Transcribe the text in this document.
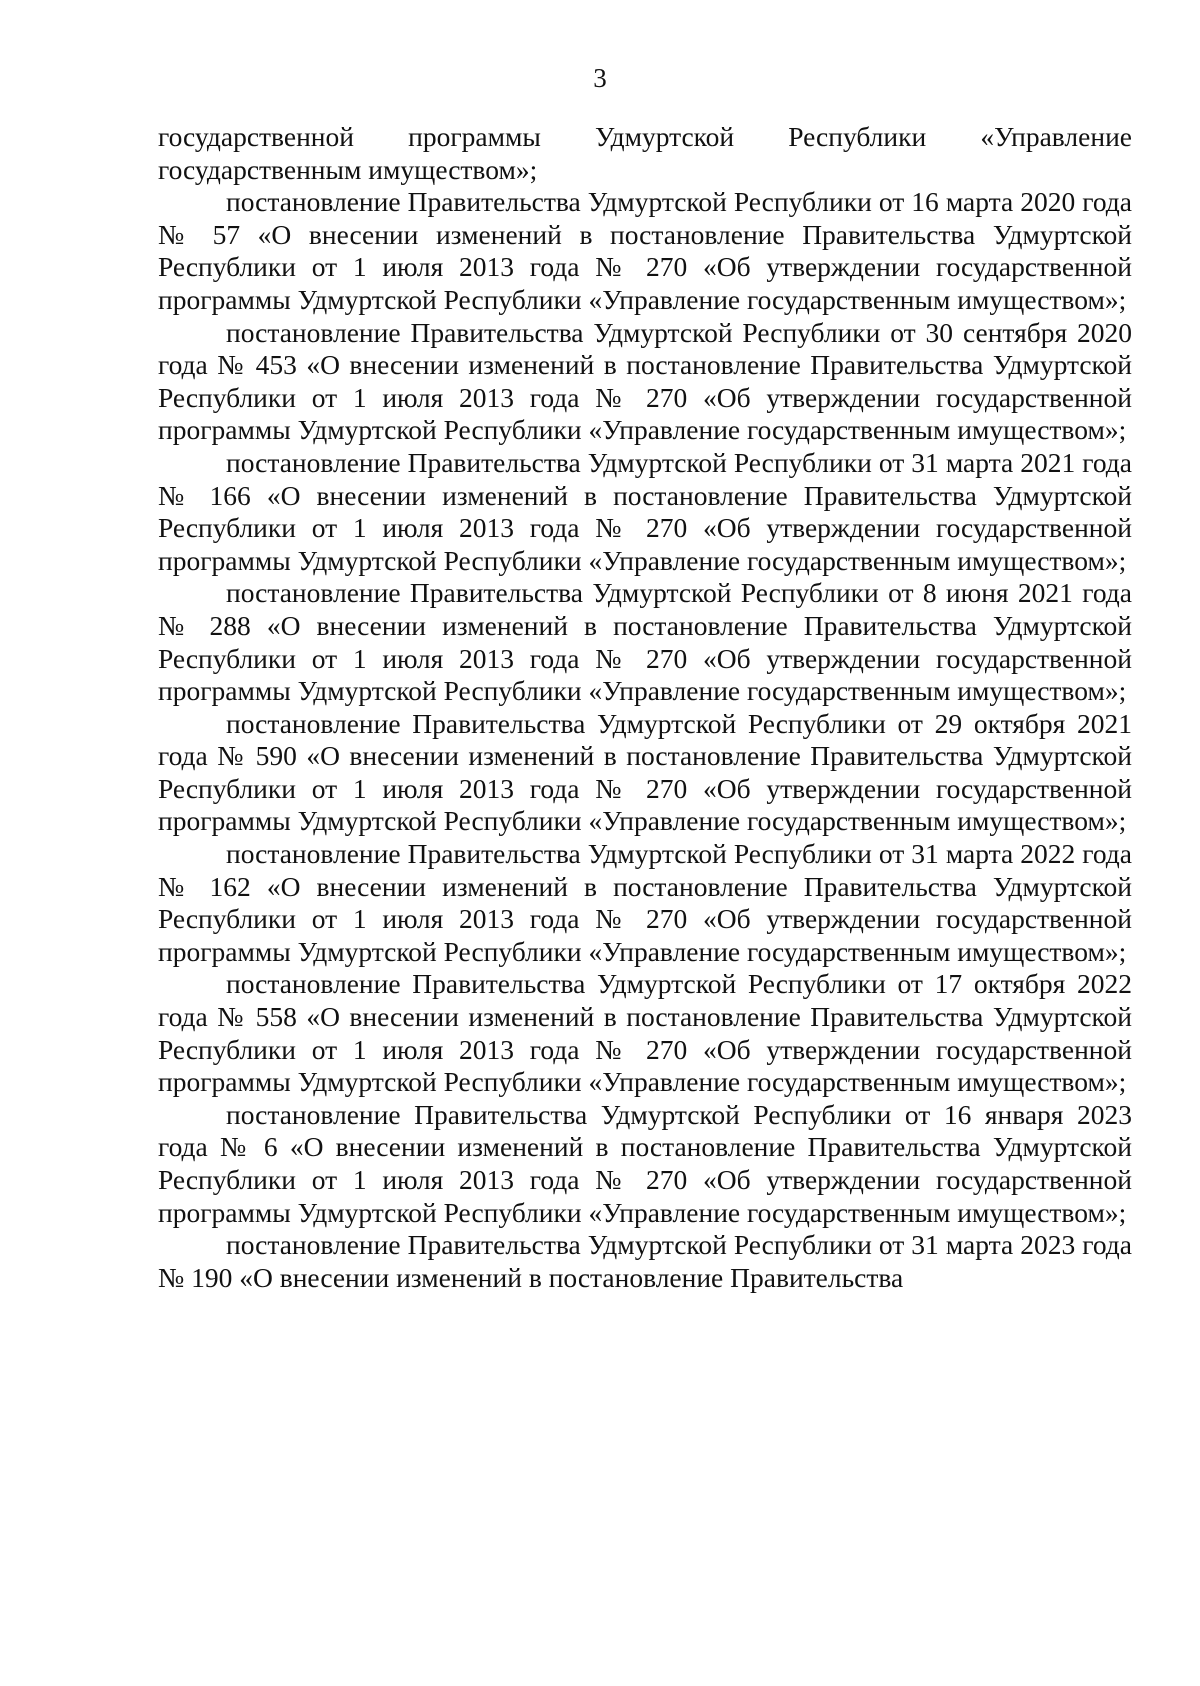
3

государственной программы Удмуртской Республики «Управление государственным имуществом»;

постановление Правительства Удмуртской Республики от 16 марта 2020 года № 57 «О внесении изменений в постановление Правительства Удмуртской Республики от 1 июля 2013 года № 270 «Об утверждении государственной программы Удмуртской Республики «Управление государственным имуществом»;

постановление Правительства Удмуртской Республики от 30 сентября 2020 года № 453 «О внесении изменений в постановление Правительства Удмуртской Республики от 1 июля 2013 года № 270 «Об утверждении государственной программы Удмуртской Республики «Управление государственным имуществом»;

постановление Правительства Удмуртской Республики от 31 марта 2021 года № 166 «О внесении изменений в постановление Правительства Удмуртской Республики от 1 июля 2013 года № 270 «Об утверждении государственной программы Удмуртской Республики «Управление государственным имуществом»;

постановление Правительства Удмуртской Республики от 8 июня 2021 года № 288 «О внесении изменений в постановление Правительства Удмуртской Республики от 1 июля 2013 года № 270 «Об утверждении государственной программы Удмуртской Республики «Управление государственным имуществом»;

постановление Правительства Удмуртской Республики от 29 октября 2021 года № 590 «О внесении изменений в постановление Правительства Удмуртской Республики от 1 июля 2013 года № 270 «Об утверждении государственной программы Удмуртской Республики «Управление государственным имуществом»;

постановление Правительства Удмуртской Республики от 31 марта 2022 года № 162 «О внесении изменений в постановление Правительства Удмуртской Республики от 1 июля 2013 года № 270 «Об утверждении государственной программы Удмуртской Республики «Управление государственным имуществом»;

постановление Правительства Удмуртской Республики от 17 октября 2022 года № 558 «О внесении изменений в постановление Правительства Удмуртской Республики от 1 июля 2013 года № 270 «Об утверждении государственной программы Удмуртской Республики «Управление государственным имуществом»;

постановление Правительства Удмуртской Республики от 16 января 2023 года № 6 «О внесении изменений в постановление Правительства Удмуртской Республики от 1 июля 2013 года № 270 «Об утверждении государственной программы Удмуртской Республики «Управление государственным имуществом»;

постановление Правительства Удмуртской Республики от 31 марта 2023 года № 190 «О внесении изменений в постановление Правительства
